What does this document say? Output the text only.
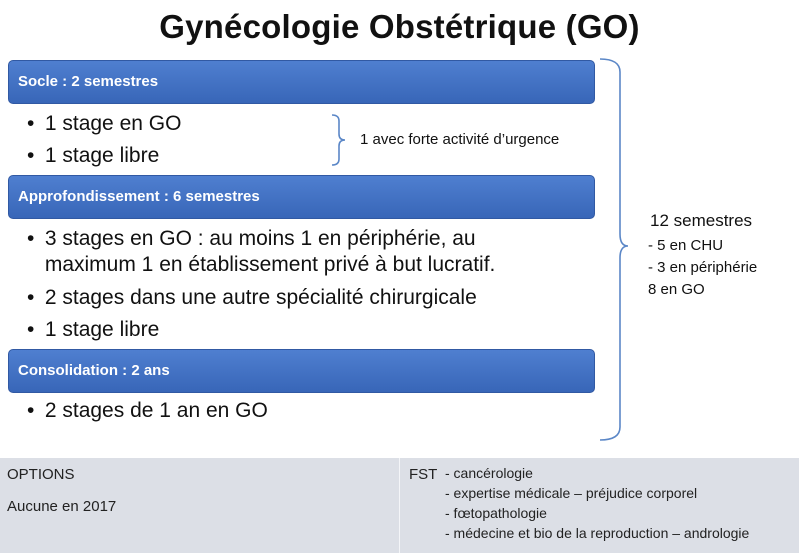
Gynécologie Obstétrique (GO)
Socle : 2 semestres
• 1 stage en GO
• 1 stage libre
1 avec forte activité d’urgence
Approfondissement : 6 semestres
• 3 stages en GO : au moins 1 en périphérie, au maximum 1 en établissement privé à but lucratif.
• 2 stages dans une autre spécialité chirurgicale
• 1 stage libre
Consolidation : 2 ans
• 2 stages de 1 an en GO
12 semestres
- 5 en CHU
- 3 en périphérie
8 en GO
OPTIONS
Aucune en 2017
FST - cancérologie
- expertise médicale – préjudice corporel
- fœtopathologie
- médecine et bio de la reproduction – andrologie
